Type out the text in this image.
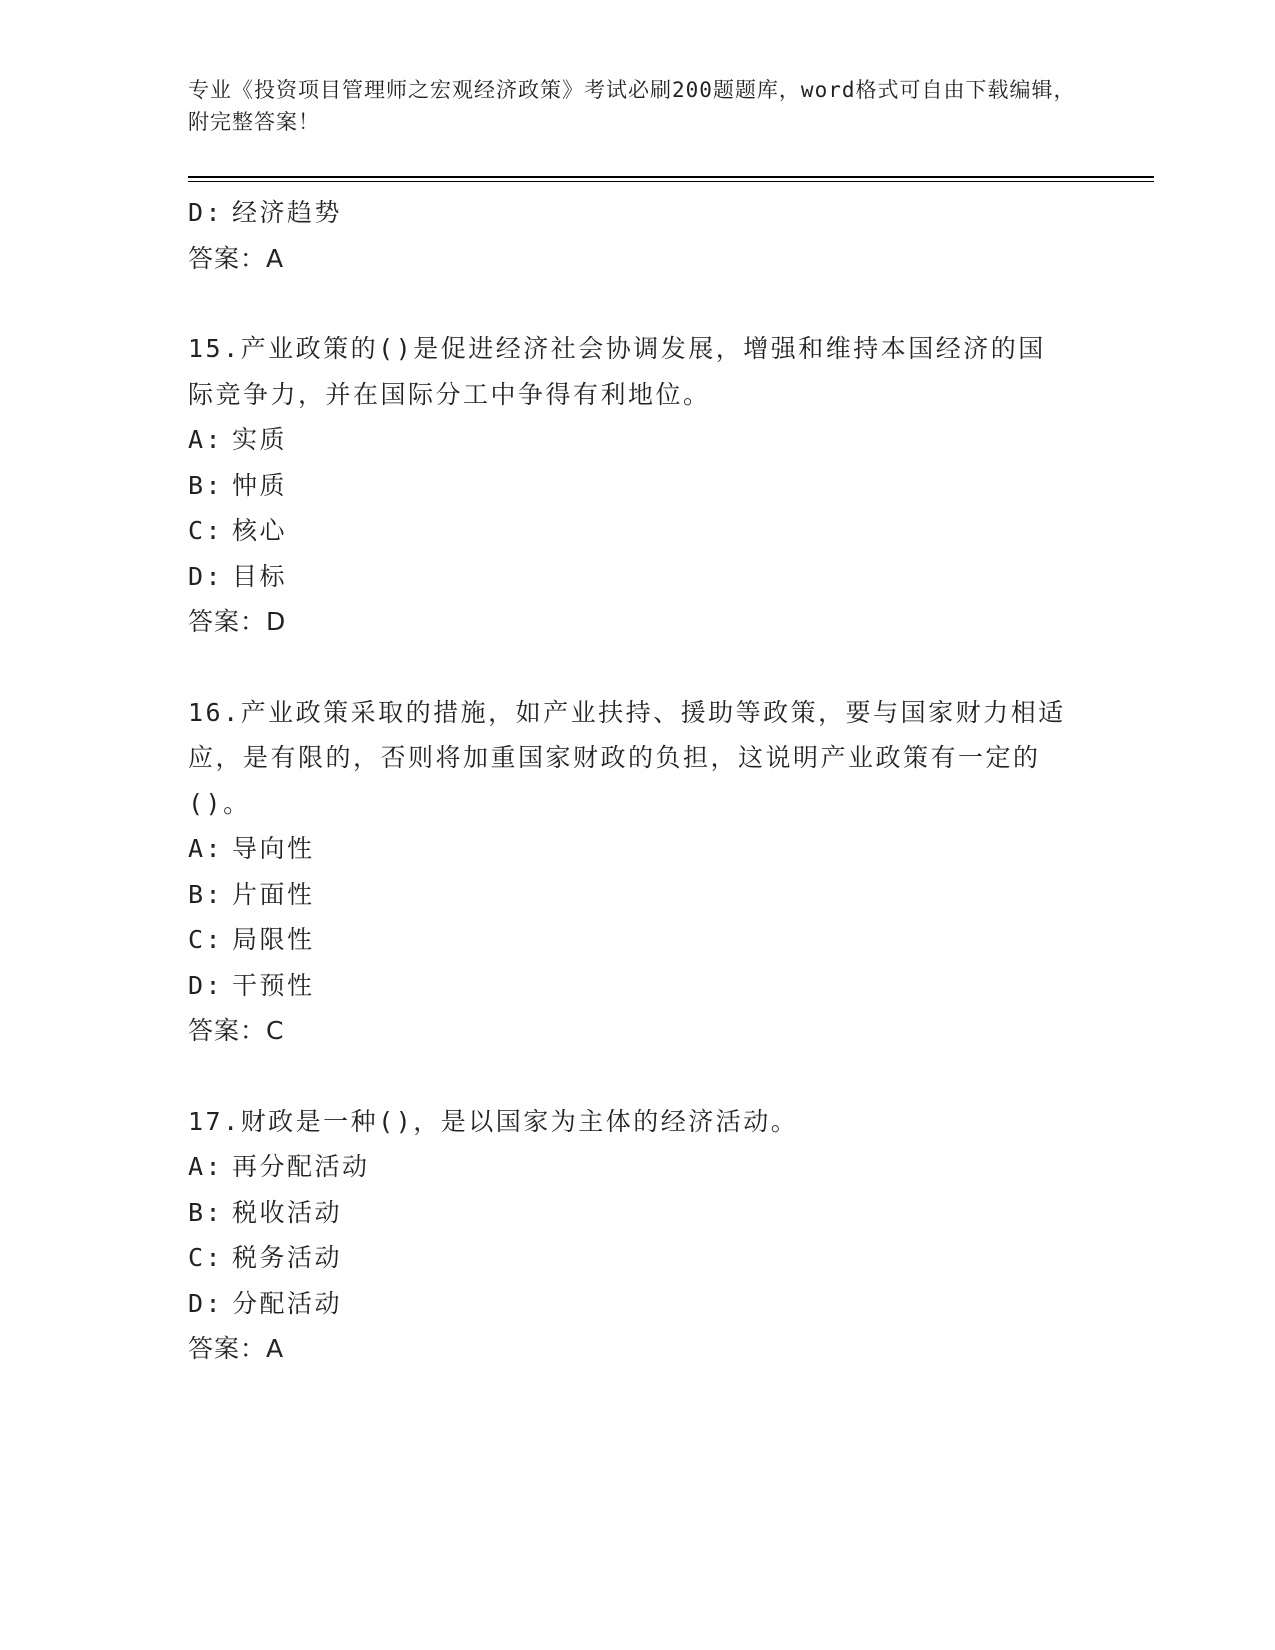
专业《投资项目管理师之宏观经济政策》考试必刷200题题库，word格式可自由下载编辑，附完整答案！
D: 经济趋势
答案：A
15.产业政策的()是促进经济社会协调发展，增强和维持本国经济的国际竞争力，并在国际分工中争得有利地位。
A: 实质
B: 忡质
C: 核心
D: 目标
答案：D
16.产业政策采取的措施，如产业扶持、援助等政策，要与国家财力相适应，是有限的，否则将加重国家财政的负担，这说明产业政策有一定的()。
A: 导向性
B: 片面性
C: 局限性
D: 干预性
答案：C
17.财政是一种()，是以国家为主体的经济活动。
A: 再分配活动
B: 税收活动
C: 税务活动
D: 分配活动
答案：A
